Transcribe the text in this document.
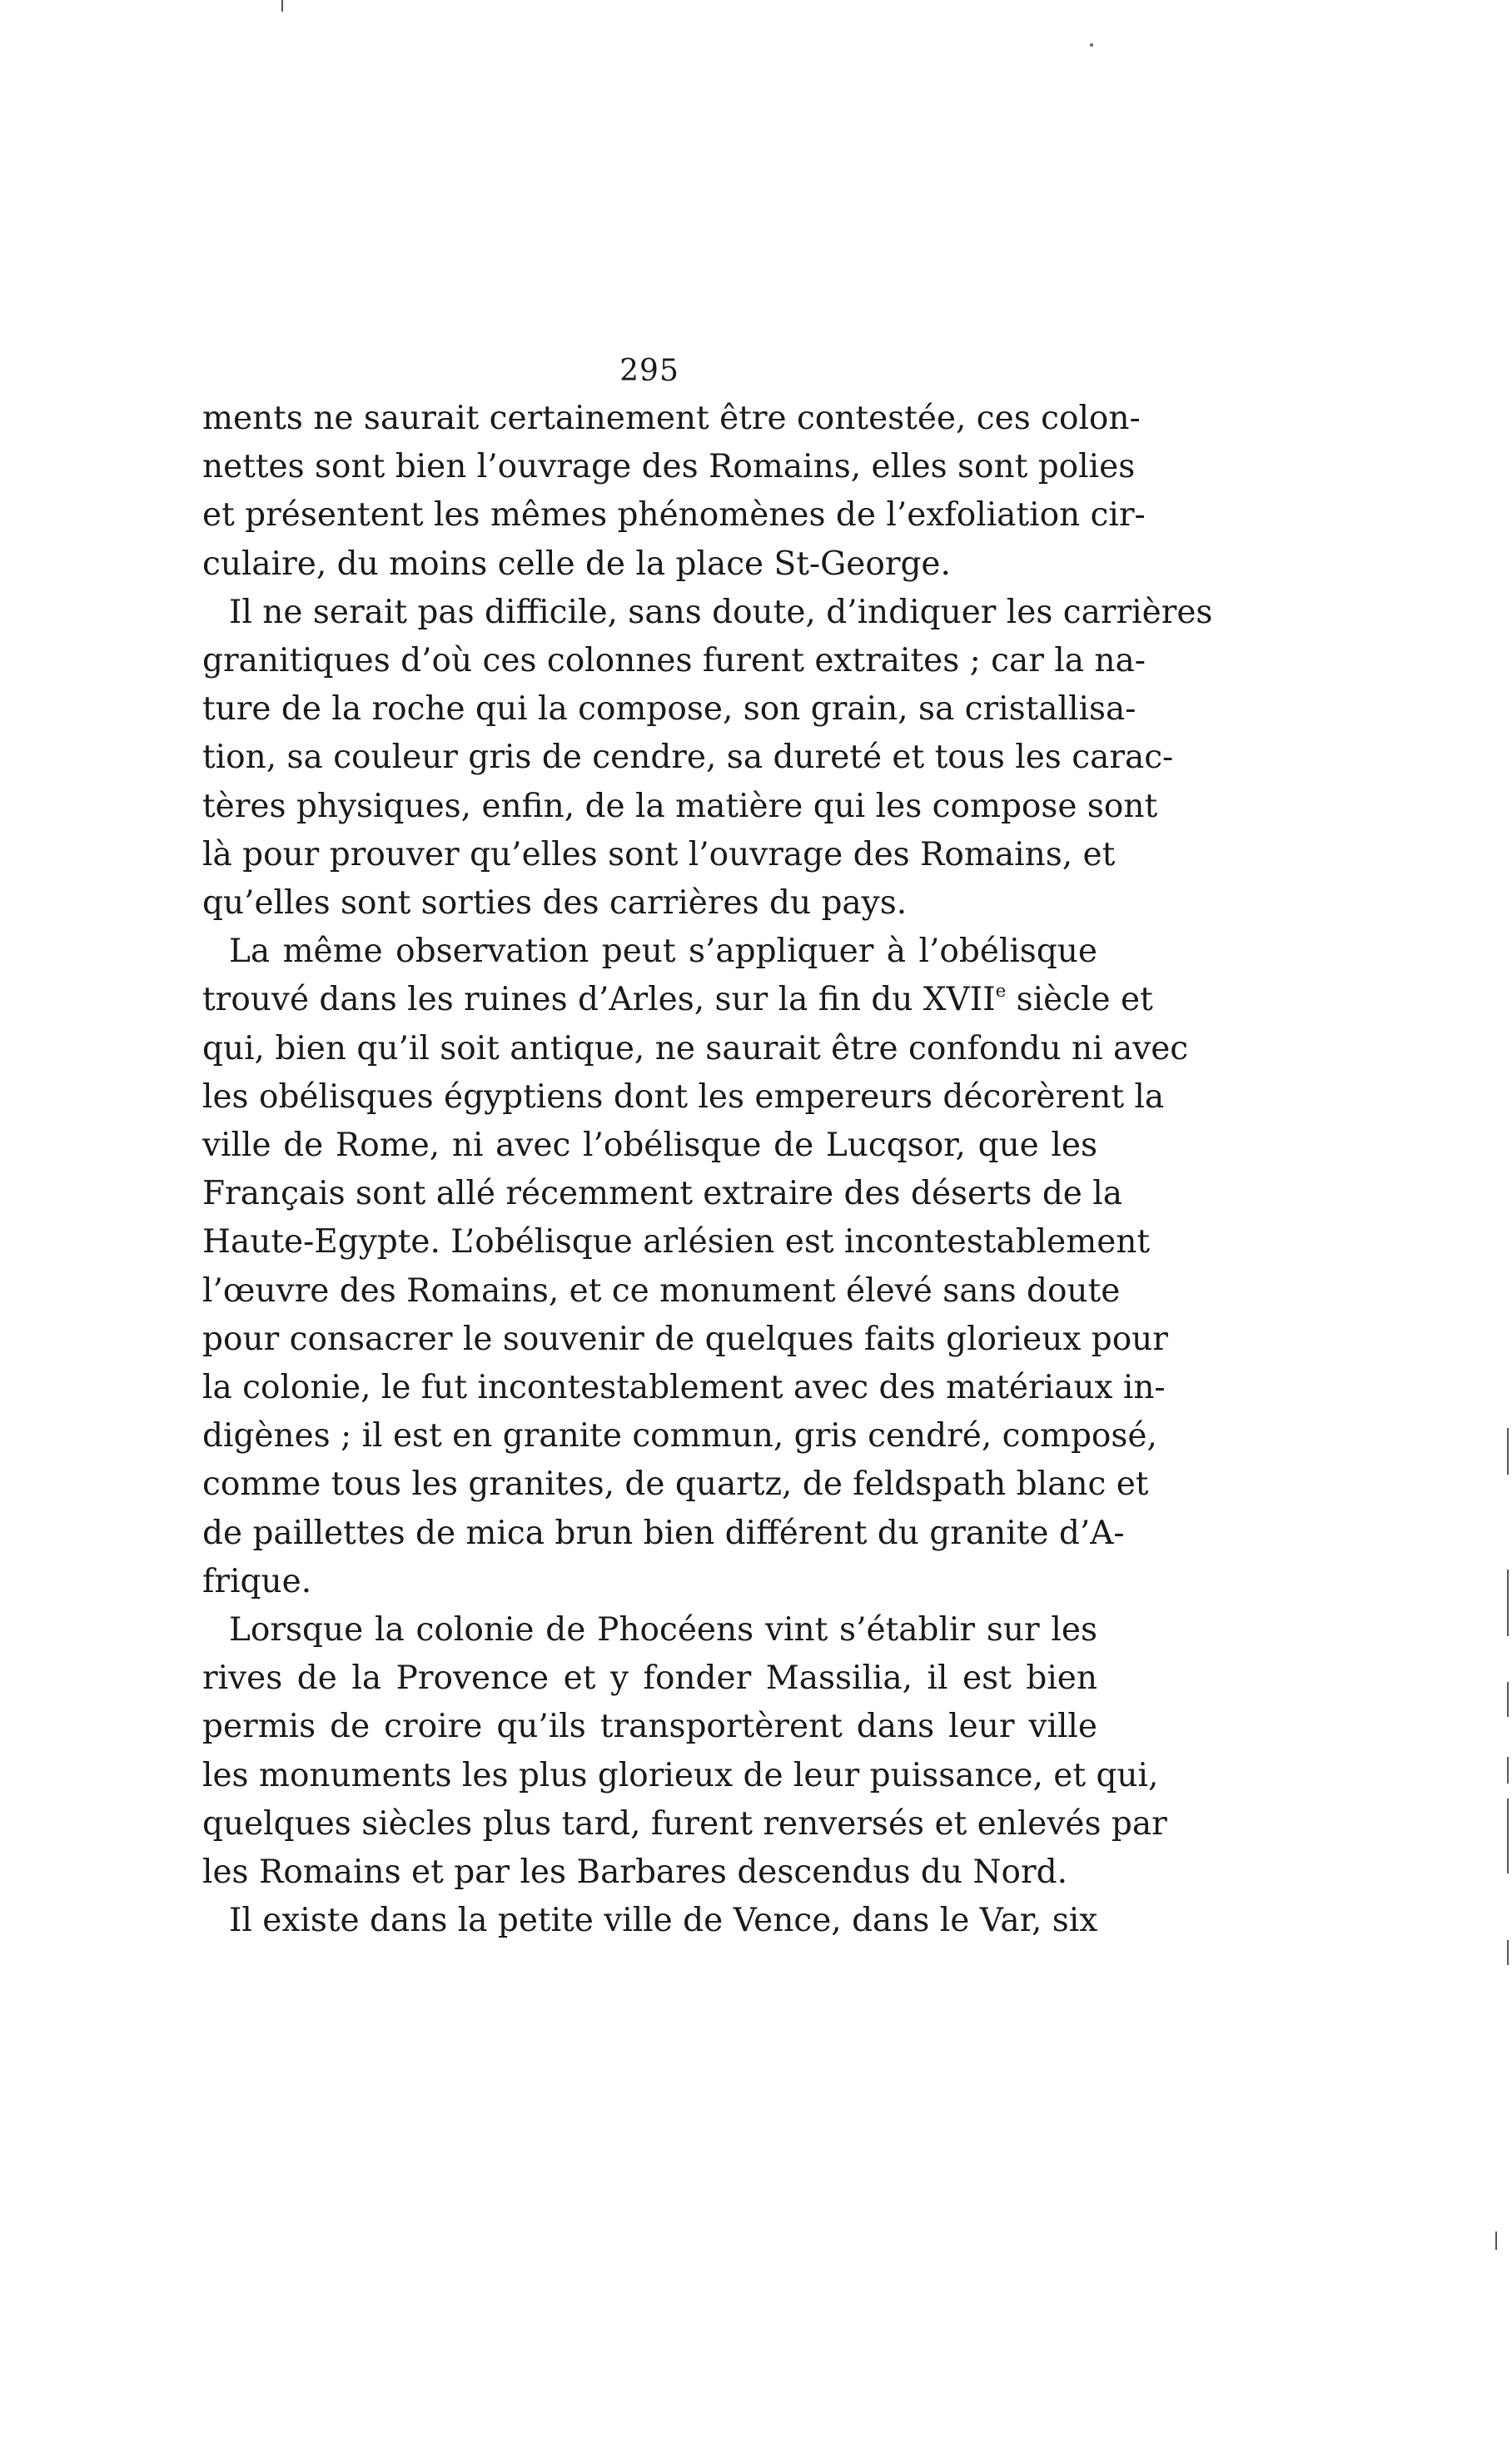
295

ments ne saurait certainement être contestée, ces colon-
nettes sont bien l’ouvrage des Romains, elles sont polies
et présentent les mêmes phénomènes de l’exfoliation cir-
culaire, du moins celle de la place St-George.

Il ne serait pas difficile, sans doute, d’indiquer les carrières
granitiques d’où ces colonnes furent extraites ; car la na-
ture de la roche qui la compose, son grain, sa cristallisa-
tion, sa couleur gris de cendre, sa dureté et tous les carac-
tères physiques, enfin, de la matière qui les compose sont
là pour prouver qu’elles sont l’ouvrage des Romains, et
qu’elles sont sorties des carrières du pays.

La même observation peut s’appliquer à l’obélisque
trouvé dans les ruines d’Arles, sur la fin du XVIIe siècle et
qui, bien qu’il soit antique, ne saurait être confondu ni avec
les obélisques égyptiens dont les empereurs décorèrent la
ville de Rome, ni avec l’obélisque de Lucqsor, que les
Français sont allé récemment extraire des déserts de la
Haute-Egypte. L’obélisque arlésien est incontestablement
l’œuvre des Romains, et ce monument élevé sans doute
pour consacrer le souvenir de quelques faits glorieux pour
la colonie, le fut incontestablement avec des matériaux in-
digènes ; il est en granite commun, gris cendré, composé,
comme tous les granites, de quartz, de feldspath blanc et
de paillettes de mica brun bien différent du granite d’A-
frique.

Lorsque la colonie de Phocéens vint s’établir sur les
rives de la Provence et y fonder Massilia, il est bien
permis de croire qu’ils transportèrent dans leur ville
les monuments les plus glorieux de leur puissance, et qui,
quelques siècles plus tard, furent renversés et enlevés par
les Romains et par les Barbares descendus du Nord.

Il existe dans la petite ville de Vence, dans le Var, six
